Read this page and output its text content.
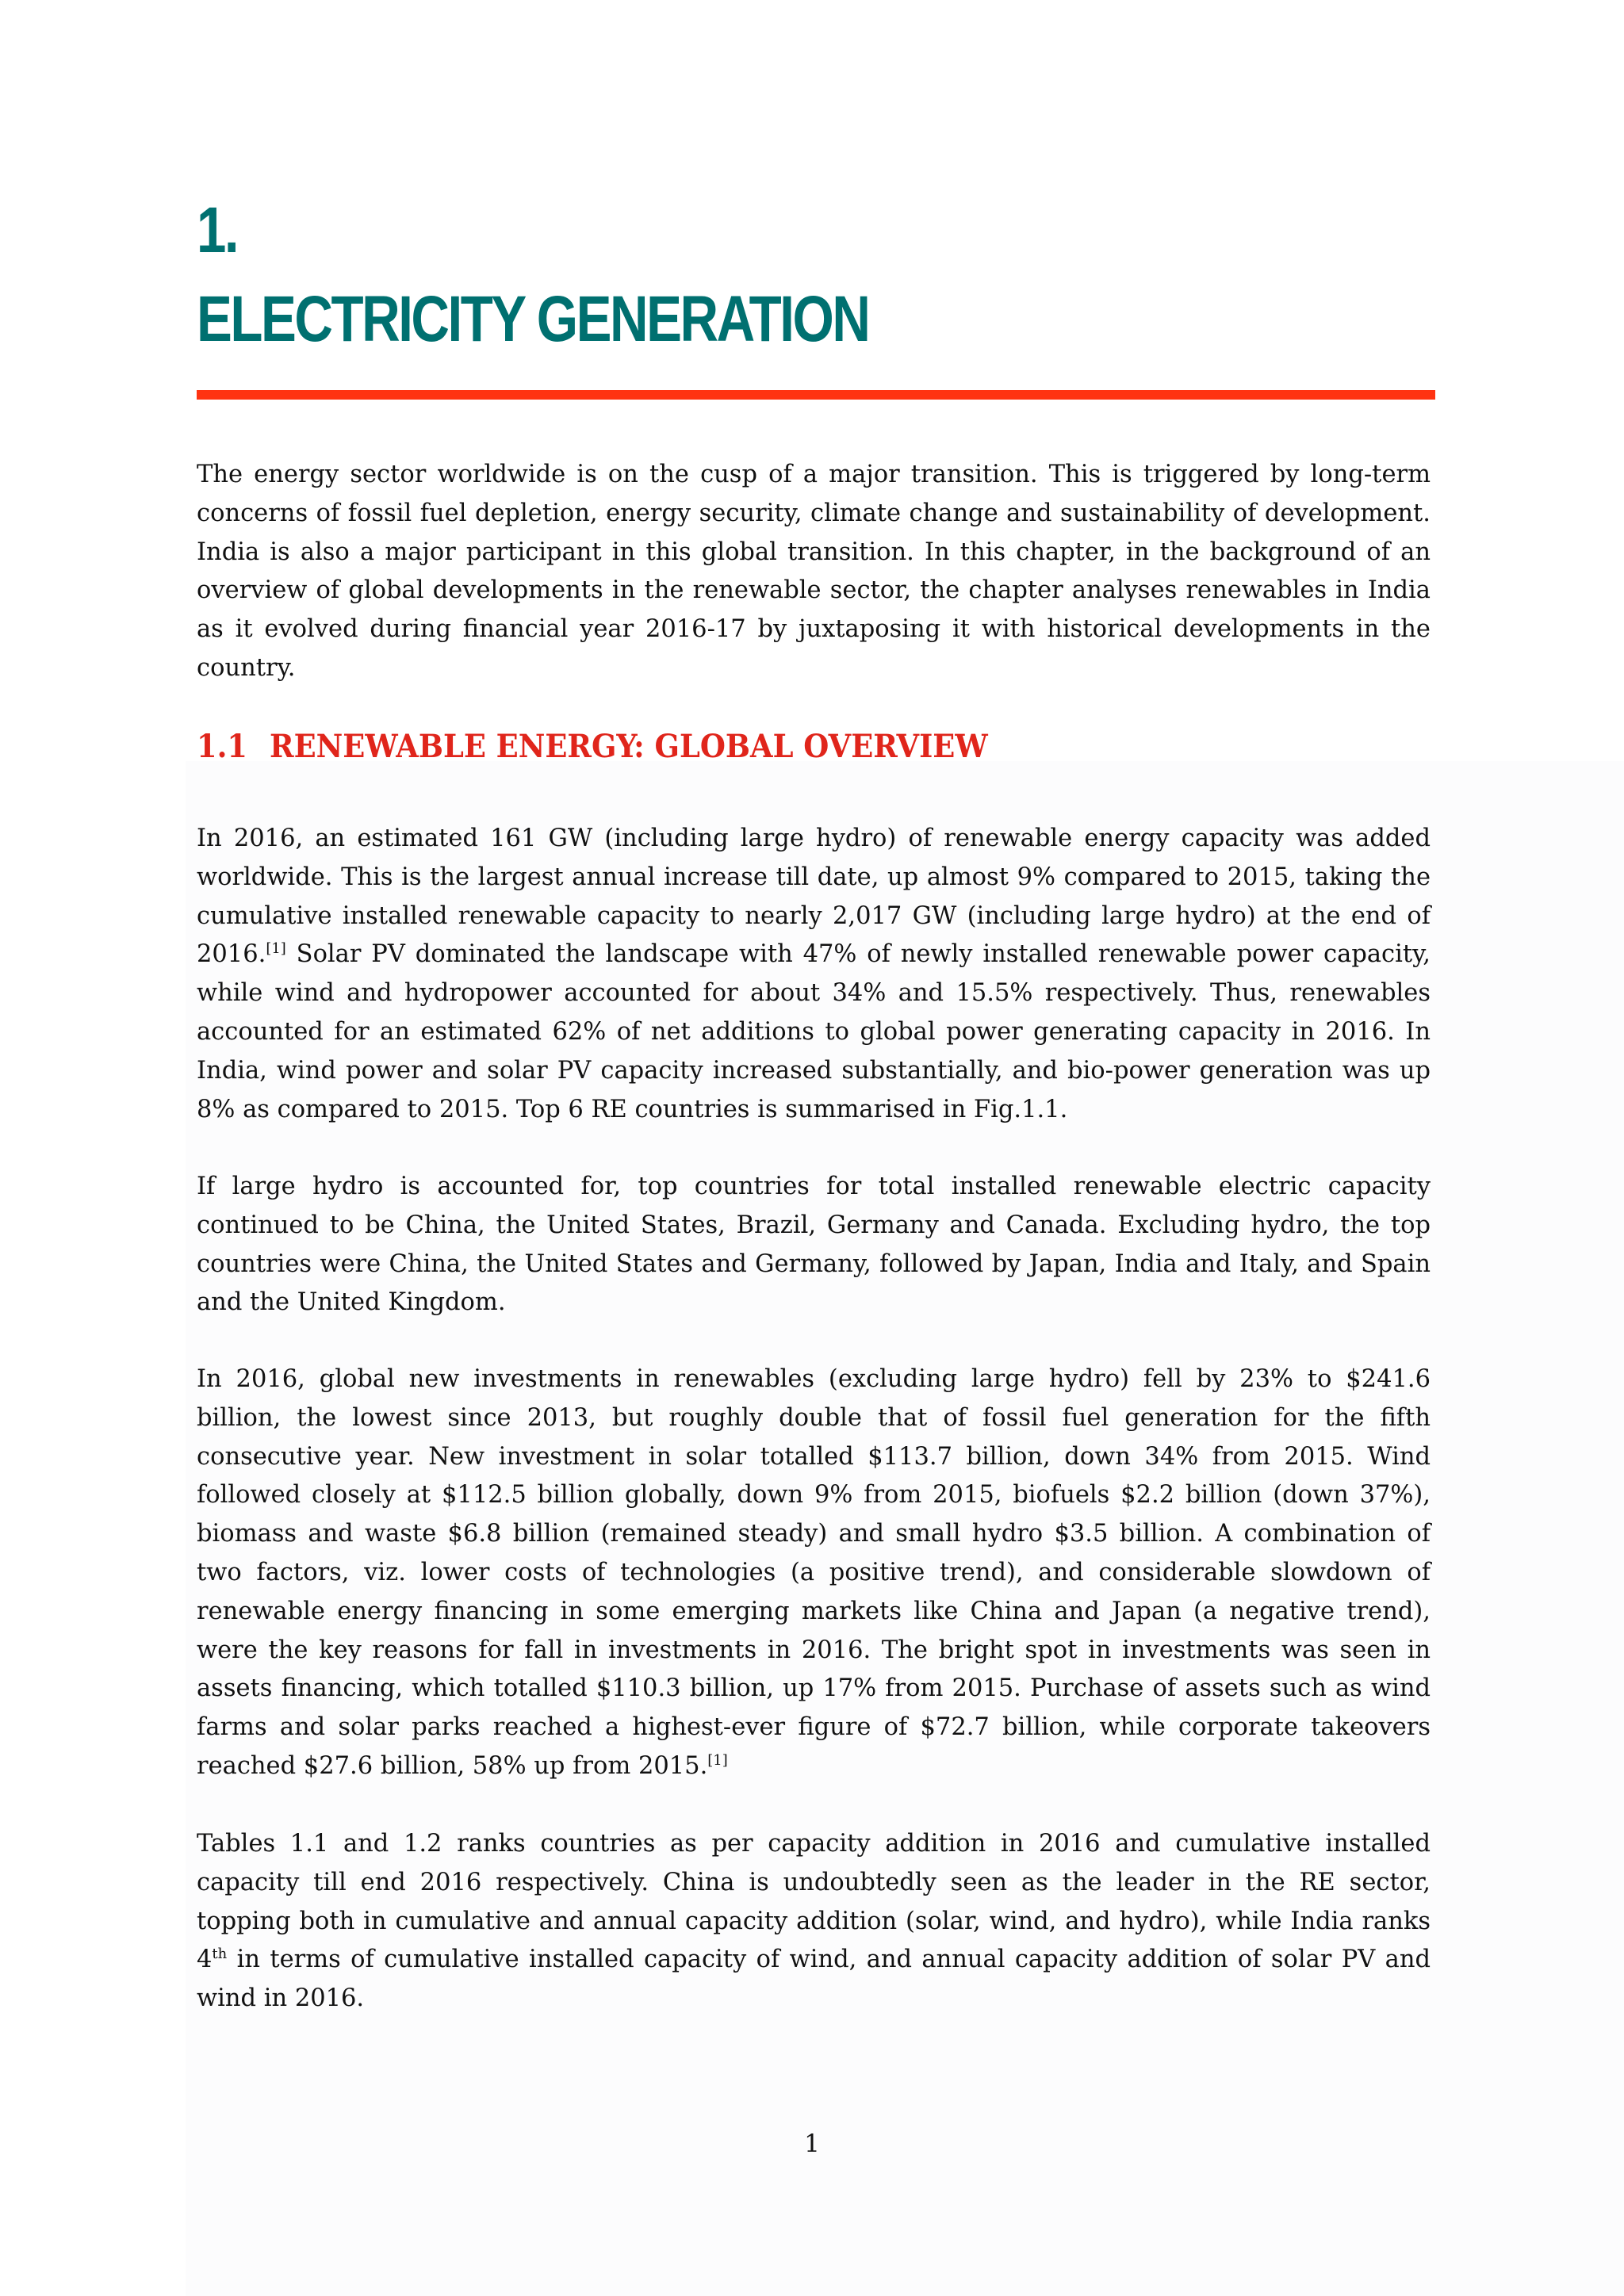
1.
ELECTRICITY GENERATION

The energy sector worldwide is on the cusp of a major transition. This is triggered by long-term concerns of fossil fuel depletion, energy security, climate change and sustainability of development. India is also a major participant in this global transition. In this chapter, in the background of an overview of global developments in the renewable sector, the chapter analyses renewables in India as it evolved during financial year 2016-17 by juxtaposing it with historical developments in the country.

1.1 RENEWABLE ENERGY: GLOBAL OVERVIEW

In 2016, an estimated 161 GW (including large hydro) of renewable energy capacity was added worldwide. This is the largest annual increase till date, up almost 9% compared to 2015, taking the cumulative installed renewable capacity to nearly 2,017 GW (including large hydro) at the end of 2016.[1] Solar PV dominated the landscape with 47% of newly installed renewable power capacity, while wind and hydropower accounted for about 34% and 15.5% respectively. Thus, renewables accounted for an estimated 62% of net additions to global power generating capacity in 2016. In India, wind power and solar PV capacity increased substantially, and bio-power generation was up 8% as compared to 2015. Top 6 RE countries is summarised in Fig.1.1.

If large hydro is accounted for, top countries for total installed renewable electric capacity continued to be China, the United States, Brazil, Germany and Canada. Excluding hydro, the top countries were China, the United States and Germany, followed by Japan, India and Italy, and Spain and the United Kingdom.

In 2016, global new investments in renewables (excluding large hydro) fell by 23% to $241.6 billion, the lowest since 2013, but roughly double that of fossil fuel generation for the fifth consecutive year. New investment in solar totalled $113.7 billion, down 34% from 2015. Wind followed closely at $112.5 billion globally, down 9% from 2015, biofuels $2.2 billion (down 37%), biomass and waste $6.8 billion (remained steady) and small hydro $3.5 billion. A combination of two factors, viz. lower costs of technologies (a positive trend), and considerable slowdown of renewable energy financing in some emerging markets like China and Japan (a negative trend), were the key reasons for fall in investments in 2016. The bright spot in investments was seen in assets financing, which totalled $110.3 billion, up 17% from 2015. Purchase of assets such as wind farms and solar parks reached a highest-ever figure of $72.7 billion, while corporate takeovers reached $27.6 billion, 58% up from 2015.[1]

Tables 1.1 and 1.2 ranks countries as per capacity addition in 2016 and cumulative installed capacity till end 2016 respectively. China is undoubtedly seen as the leader in the RE sector, topping both in cumulative and annual capacity addition (solar, wind, and hydro), while India ranks 4th in terms of cumulative installed capacity of wind, and annual capacity addition of solar PV and wind in 2016.

1
